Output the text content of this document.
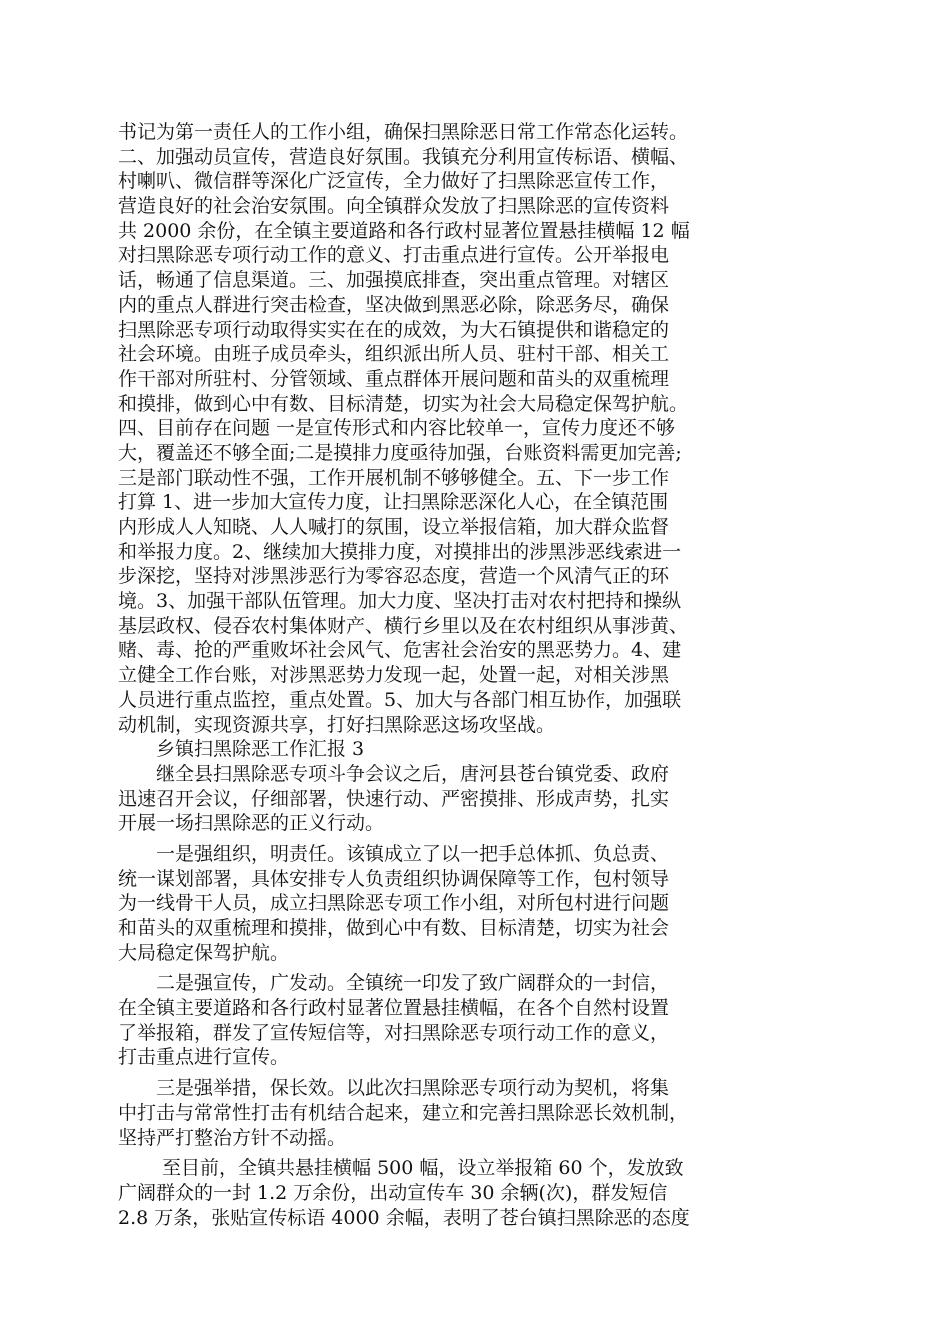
书记为第一责任人的工作小组，确保扫黑除恶日常工作常态化运转。
二、加强动员宣传，营造良好氛围。我镇充分利用宣传标语、横幅、
村喇叭、微信群等深化广泛宣传，全力做好了扫黑除恶宣传工作，
营造良好的社会治安氛围。向全镇群众发放了扫黑除恶的宣传资料
共 2000 余份，在全镇主要道路和各行政村显著位置悬挂横幅 12 幅
对扫黑除恶专项行动工作的意义、打击重点进行宣传。公开举报电
话，畅通了信息渠道。三、加强摸底排查，突出重点管理。对辖区
内的重点人群进行突击检查，坚决做到黑恶必除，除恶务尽，确保
扫黑除恶专项行动取得实实在在的成效，为大石镇提供和谐稳定的
社会环境。由班子成员牵头，组织派出所人员、驻村干部、相关工
作干部对所驻村、分管领域、重点群体开展问题和苗头的双重梳理
和摸排，做到心中有数、目标清楚，切实为社会大局稳定保驾护航。
四、目前存在问题 一是宣传形式和内容比较单一，宣传力度还不够
大，覆盖还不够全面;二是摸排力度亟待加强，台账资料需更加完善;
三是部门联动性不强，工作开展机制不够够健全。五、下一步工作
打算 1、进一步加大宣传力度，让扫黑除恶深化人心，在全镇范围
内形成人人知晓、人人喊打的氛围，设立举报信箱，加大群众监督
和举报力度。2、继续加大摸排力度，对摸排出的涉黑涉恶线索进一
步深挖，坚持对涉黑涉恶行为零容忍态度，营造一个风清气正的环
境。3、加强干部队伍管理。加大力度、坚决打击对农村把持和操纵
基层政权、侵吞农村集体财产、横行乡里以及在农村组织从事涉黄、
赌、毒、抢的严重败坏社会风气、危害社会治安的黑恶势力。4、建
立健全工作台账，对涉黑恶势力发现一起，处置一起，对相关涉黑
人员进行重点监控，重点处置。5、加大与各部门相互协作，加强联
动机制，实现资源共享，打好扫黑除恶这场攻坚战。
　　乡镇扫黑除恶工作汇报 3
　　继全县扫黑除恶专项斗争会议之后，唐河县苍台镇党委、政府
迅速召开会议，仔细部署，快速行动、严密摸排、形成声势，扎实
开展一场扫黑除恶的正义行动。
　　一是强组织，明责任。该镇成立了以一把手总体抓、负总责、
统一谋划部署，具体安排专人负责组织协调保障等工作，包村领导
为一线骨干人员，成立扫黑除恶专项工作小组，对所包村进行问题
和苗头的双重梳理和摸排，做到心中有数、目标清楚，切实为社会
大局稳定保驾护航。
　　二是强宣传，广发动。全镇统一印发了致广阔群众的一封信，
在全镇主要道路和各行政村显著位置悬挂横幅，在各个自然村设置
了举报箱，群发了宣传短信等，对扫黑除恶专项行动工作的意义，
打击重点进行宣传。
　　三是强举措，保长效。以此次扫黑除恶专项行动为契机，将集
中打击与常常性打击有机结合起来，建立和完善扫黑除恶长效机制，
坚持严打整治方针不动摇。
　　 至目前，全镇共悬挂横幅 500 幅，设立举报箱 60 个，发放致
广阔群众的一封 1.2 万余份，出动宣传车 30 余辆(次)，群发短信
2.8 万条，张贴宣传标语 4000 余幅，表明了苍台镇扫黑除恶的态度
